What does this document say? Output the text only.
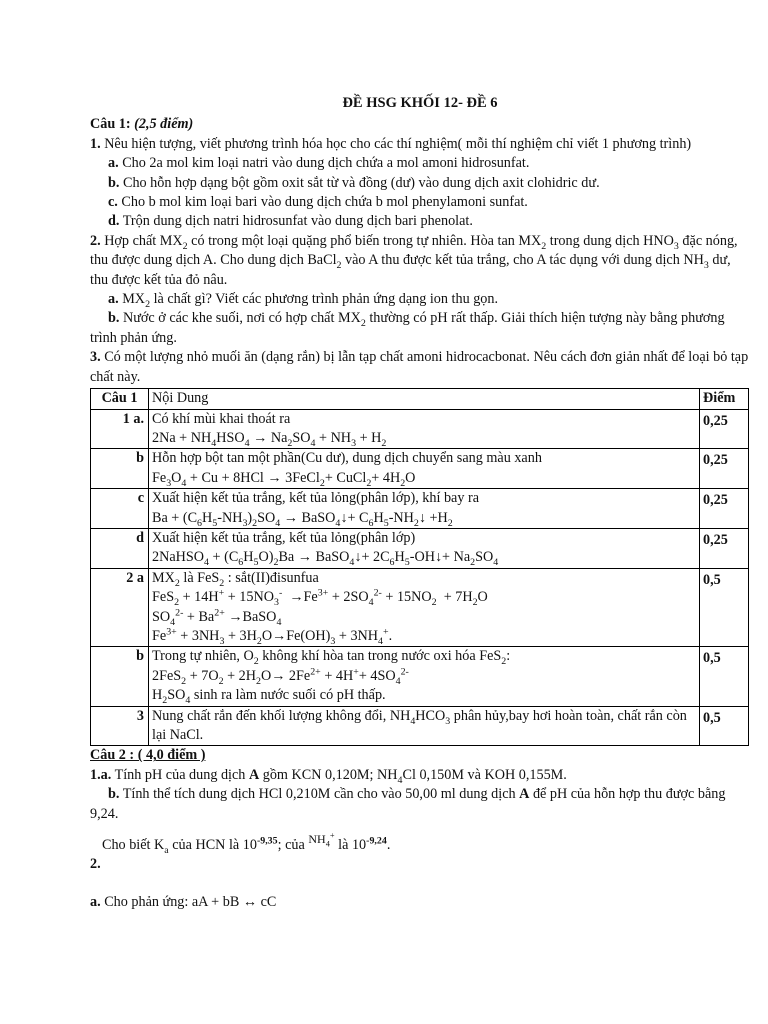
ĐỀ HSG KHỐI 12- ĐỀ 6

Câu 1: (2,5 điểm)

1. Nêu hiện tượng, viết phương trình hóa học cho các thí nghiệm( mỗi thí nghiệm chỉ viết 1 phương trình)

a. Cho 2a mol kim loại natri vào dung dịch chứa a mol amoni hidrosunfat.

b. Cho hỗn hợp dạng bột gồm oxit sắt từ và đồng (dư) vào dung dịch axit clohidric dư.

c. Cho b mol kim loại bari vào dung dịch chứa b mol phenylamoni sunfat.

d. Trộn dung dịch natri hidrosunfat vào dung dịch bari phenolat.

2. Hợp chất $MX_2$ có trong một loại quặng phổ biến trong tự nhiên. Hòa $\tan MX_2$ trong dung dịch $HNO_3$ đặc nóng, thu được dung dịch A. Cho dung dịch BaCl$_2$ vào A thu được kết tủa trắng, cho A tác dụng với dung dịch $NH_3$ dư, thu được kết tủa đỏ nâu.

a. $MX_2$ là chất gì? Viết các phương trình phản ứng dạng ion thu gọn.

b. Nước ở các khe suối, nơi có hợp chất $MX_2$ thường có pH rất thấp. Giải thích hiện tượng này bằng phương trình phản ứng.

3. Có một lượng nhỏ muối ăn (dạng rắn) bị lẫn tạp chất amoni hidrocacbonat. Nêu cách đơn giản nhất để loại bỏ tạp chất này.

Câu 1	Nội Dung	Điểm
1 a.	Có khí mùi khai thoát ra
$2Na + NH_4HSO_4 \to Na_2SO_4 + NH_3 + H_2$	0,25
b	Hỗn hợp bột tan một phần(Cu dư), dung dịch chuyển sang màu xanh
$Fe_3O_4 + Cu + 8HCl$ → 3FeCl$_2$+ CuCl$_2$+ $4H_2O$	0,25
c	Xuất hiện kết tủa trắng, kết tủa lỏng(phân lớp), khí bay ra
$Ba + (C_6H_5-NH_3)_2SO_4$ → BaSO$_4$↓+ $C_6H_5-NH_2↓ +H_2$	0,25
d	Xuất hiện kết tủa trắng, kết tủa lỏng(phân lớp)
2NaHSO$_4$ + $(C_6H_5O)_2Ba$ → BaSO$_4$↓+ $2C_6H_5-OH↓+ Na_2SO_4$	0,25
2 a	$MX_2$ là FeS$_2$ : sắt(II)đisunfua
$FeS_2 + 14H^+ + 15NO_3^- \to Fe^{3+} + 2SO_4^{2-} + 15NO_2 + 7H_2O$
$SO_4^{2-} + Ba^{2+}$ →BaSO$_4$
$Fe^{3+} + 3NH_3 + 3H_2O\to Fe(OH)_3 + 3NH_4^+$.	0,5
b	Trong tự nhiên, $O_2$ không khí hòa tan trong nước oxi hóa FeS$_2$:
$2FeS_2 + 7O_2 + 2H_2O\to 2Fe^{2+} + 4H^++ 4SO_4^{2-}$
$H_2SO_4$ sinh ra làm nước suối có pH thấp.	0,5
3	Nung chất rắn đến khối lượng không đổi, $NH_4HCO_3$ phân hủy,bay hơi hoàn toàn, chất rắn còn lại NaCl.	0,5

Câu 2 : ( 4,0 điểm )

1.a. Tính pH của dung dịch A gồm KCN 0,120M; $NH_4Cl$ 0,150M và KOH 0,155M.

b. Tính thể tích dung dịch HCl 0,210M cần cho vào 50,00 ml dung dịch A để pH của hỗn hợp thu được bằng 9,24.

Cho biết $K_a$ của HCN là $10^{-9,35}$; của $NH_4^+$ là $10^{-9,24}$.

2.

a. Cho phản ứng: aA + bB ↔ cC
